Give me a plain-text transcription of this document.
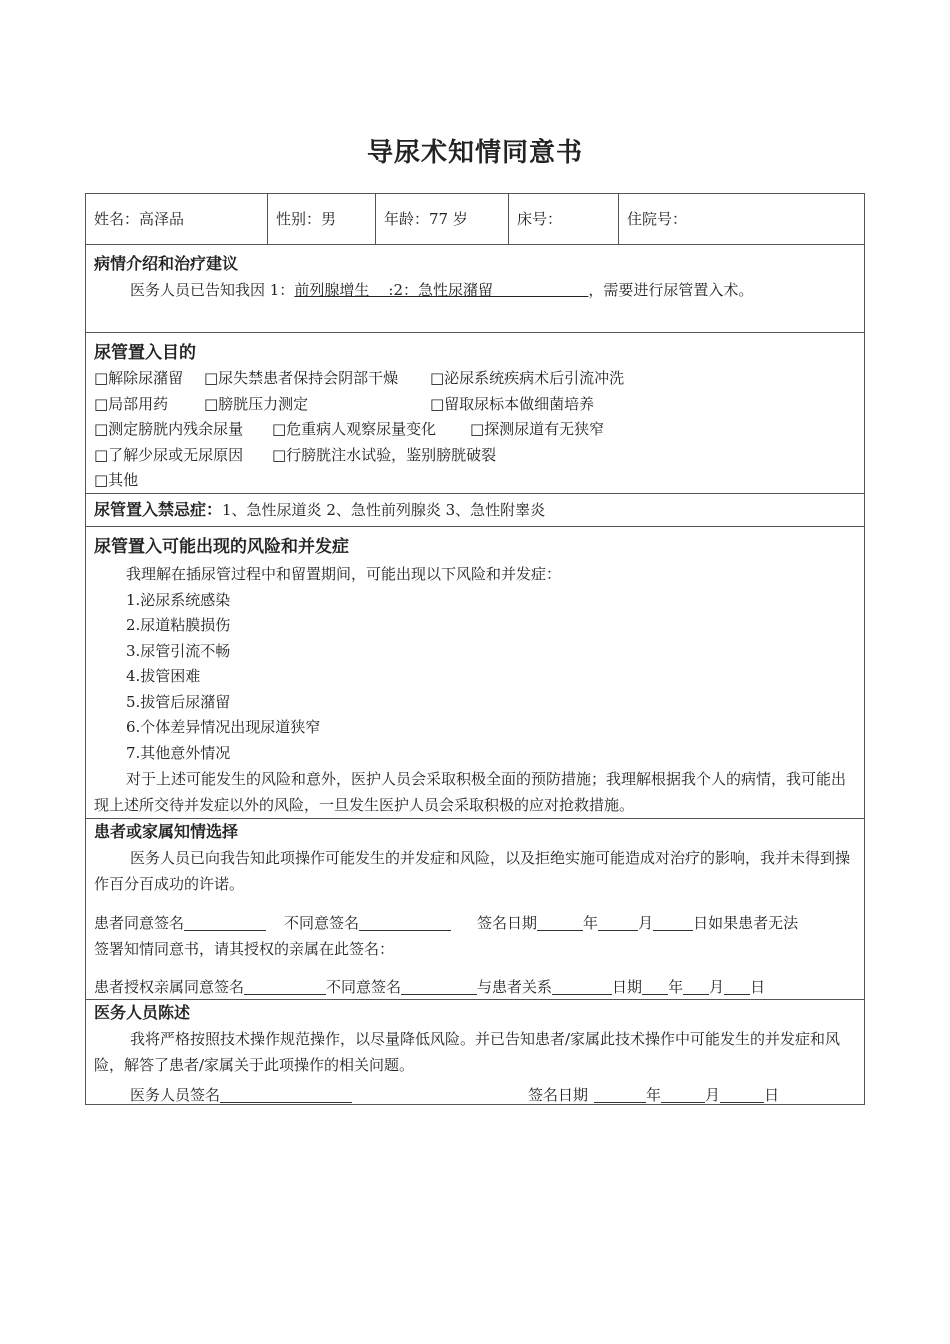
导尿术知情同意书
姓名：高泽品	性别：男	年龄：77 岁	床号：	住院号：
病情介绍和治疗建议
医务人员已告知我因 1：前列腺增生    :2：急性尿潴留                    ，需要进行尿管置入术。
尿管置入目的
□解除尿潴留 □尿失禁患者保持会阴部干燥 □泌尿系统疾病术后引流冲洗
□局部用药 □膀胱压力测定	□留取尿标本做细菌培养
□测定膀胱内残余尿量 □危重病人观察尿量变化 □探测尿道有无狭窄
□了解少尿或无尿原因 □行膀胱注水试验，鉴别膀胱破裂
□其他
尿管置入禁忌症：1、急性尿道炎 2、急性前列腺炎 3、急性附睾炎
尿管置入可能出现的风险和并发症
我理解在插尿管过程中和留置期间，可能出现以下风险和并发症：
1.泌尿系统感染
2.尿道粘膜损伤
3.尿管引流不畅
4.拔管困难
5.拔管后尿潴留
6.个体差异情况出现尿道狭窄
7.其他意外情况
对于上述可能发生的风险和意外，医护人员会采取积极全面的预防措施；我理解根据我个人的病情，我可能出现上述所交待并发症以外的风险，一旦发生医护人员会采取积极的应对抢救措施。
患者或家属知情选择
医务人员已向我告知此项操作可能发生的并发症和风险，以及拒绝实施可能造成对治疗的影响，我并未得到操作百分百成功的许诺。
患者同意签名	不同意签名	签名日期	年	月	日如果患者无法
签署知情同意书，请其授权的亲属在此签名：
患者授权亲属同意签名	不同意签名	与患者关系	日期 年 月 日
医务人员陈述
我将严格按照技术操作规范操作，以尽量降低风险。并已告知患者/家属此技术操作中可能发生的并发症和风险，解答了患者/家属关于此项操作的相关问题。
医务人员签名	签名日期	年	月	日
